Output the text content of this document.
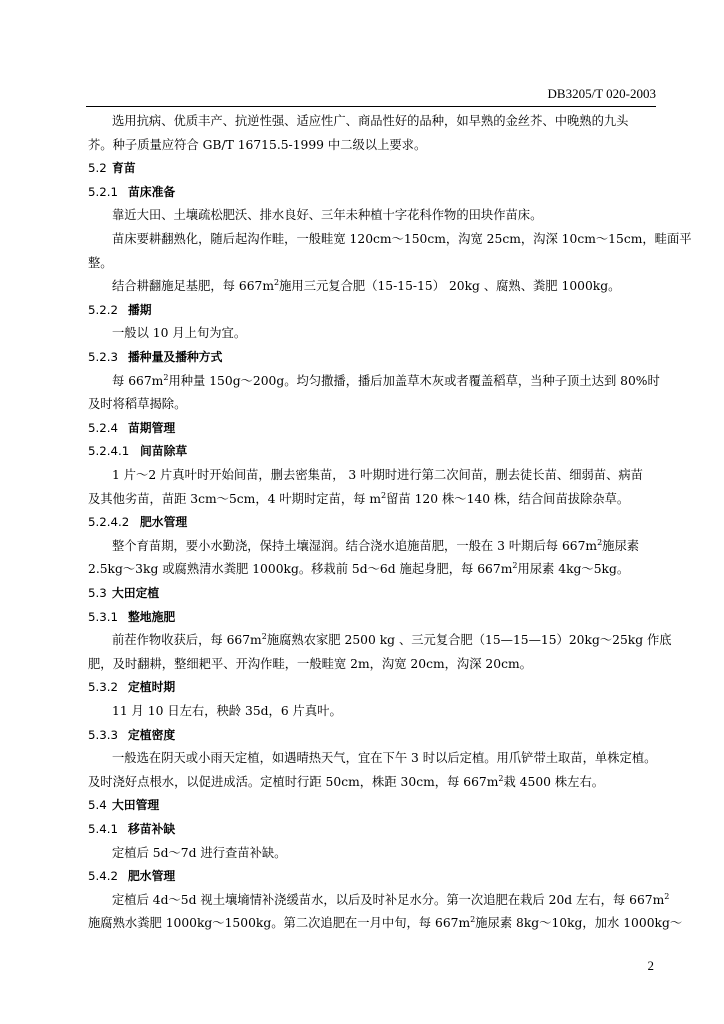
DB3205/T 020-2003
选用抗病、优质丰产、抗逆性强、适应性广、商品性好的品种，如早熟的金丝芥、中晚熟的九头
芥。种子质量应符合 GB/T 16715.5-1999 中二级以上要求。
5.2 育苗
5.2.1 苗床准备
靠近大田、土壤疏松肥沃、排水良好、三年未种植十字花科作物的田块作苗床。
苗床要耕翻熟化，随后起沟作畦，一般畦宽 120cm～150cm，沟宽 25cm，沟深 10cm～15cm，畦面平
整。
结合耕翻施足基肥，每 $667m^2$施用三元复合肥（15-15-15） 20kg 、腐熟、粪肥 1000kg。
5.2.2 播期
一般以 10 月上旬为宜。
5.2.3 播种量及播种方式
每 $667m^2$用种量 150g～200g。均匀撒播，播后加盖草木灰或者覆盖稻草，当种子顶土达到 80%时
及时将稻草揭除。
5.2.4 苗期管理
5.2.4.1 间苗除草
1 片～2 片真叶时开始间苗，删去密集苗， 3 叶期时进行第二次间苗，删去徒长苗、细弱苗、病苗
及其他劣苗，苗距 3cm～5cm，4 叶期时定苗，每 $m^2$留苗 120 株～140 株，结合间苗拔除杂草。
5.2.4.2 肥水管理
整个育苗期，要小水勤浇，保持土壤湿润。结合浇水追施苗肥，一般在 3 叶期后每 $667m^2$施尿素
2.5kg～3kg 或腐熟清水粪肥 1000kg。移栽前 5d～6d 施起身肥，每 $667m^2$用尿素 4kg～5kg。
5.3 大田定植
5.3.1 整地施肥
前茬作物收获后，每 $667m^2$施腐熟农家肥 2500 kg 、三元复合肥（15—15—15）20kg～25kg 作底
肥，及时翻耕，整细耙平、开沟作畦，一般畦宽 2m，沟宽 20cm，沟深 20cm。
5.3.2 定植时期
11 月 10 日左右，秧龄 35d，6 片真叶。
5.3.3 定植密度
一般选在阴天或小雨天定植，如遇晴热天气，宜在下午 3 时以后定植。用爪铲带土取苗，单株定植。
及时浇好点根水，以促进成活。定植时行距 50cm，株距 30cm，每 $667m^2$栽 4500 株左右。
5.4 大田管理
5.4.1 移苗补缺
定植后 5d～7d 进行查苗补缺。
5.4.2 肥水管理
定植后 4d～5d 视土壤墒情补浇缓苗水，以后及时补足水分。第一次追肥在栽后 20d 左右，每 $667m^2$
施腐熟水粪肥 1000kg～1500kg。第二次追肥在一月中旬，每 $667m^2$施尿素 8kg～10kg，加水 1000kg～
2
